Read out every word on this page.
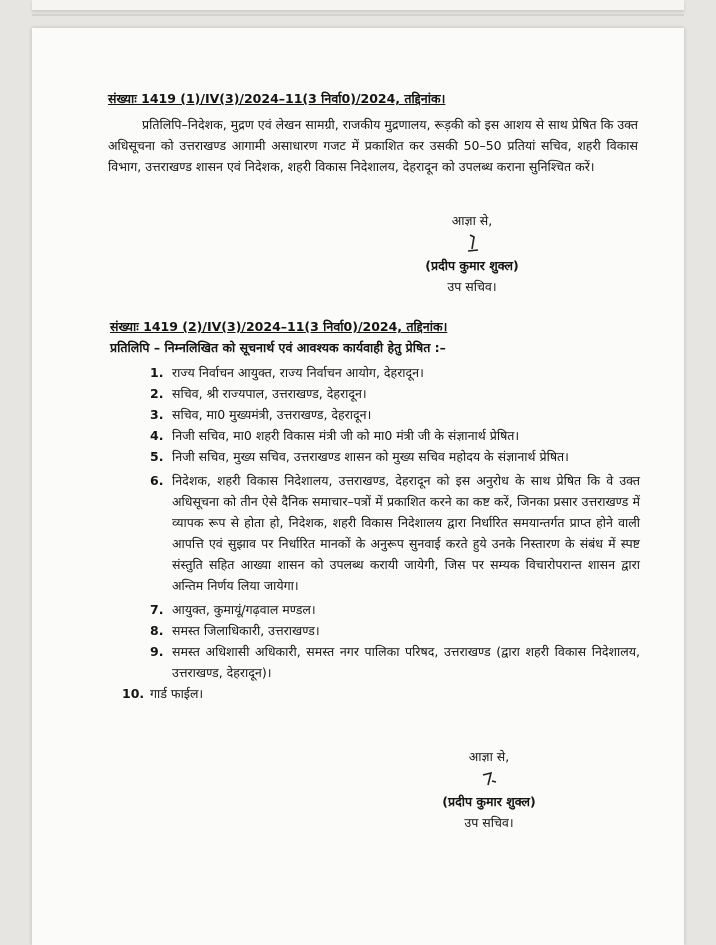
संख्याः 1419 (1)/IV(3)/2024–11(3 निर्वा0)/2024, तद्दिनांक।
प्रतिलिपि–निदेशक, मुद्रण एवं लेखन सामग्री, राजकीय मुद्रणालय, रूड़की को इस आशय से साथ प्रेषित कि उक्त अधिसूचना को उत्तराखण्ड आगामी असाधारण गजट में प्रकाशित कर उसकी 50–50 प्रतियां सचिव, शहरी विकास विभाग, उत्तराखण्ड शासन एवं निदेशक, शहरी विकास निदेशालय, देहरादून को उपलब्ध कराना सुनिश्चित करें।
आज्ञा से,
(प्रदीप कुमार शुक्ल)
उप सचिव।
संख्याः 1419 (2)/IV(3)/2024–11(3 निर्वा0)/2024, तद्दिनांक।
प्रतिलिपि – निम्नलिखित को सूचनार्थ एवं आवश्यक कार्यवाही हेतु प्रेषित :–
1. राज्य निर्वाचन आयुक्त, राज्य निर्वाचन आयोग, देहरादून।
2. सचिव, श्री राज्यपाल, उत्तराखण्ड, देहरादून।
3. सचिव, मा0 मुख्यमंत्री, उत्तराखण्ड, देहरादून।
4. निजी सचिव, मा0 शहरी विकास मंत्री जी को मा0 मंत्री जी के संज्ञानार्थ प्रेषित।
5. निजी सचिव, मुख्य सचिव, उत्तराखण्ड शासन को मुख्य सचिव महोदय के संज्ञानार्थ प्रेषित।
6. निदेशक, शहरी विकास निदेशालय, उत्तराखण्ड, देहरादून को इस अनुरोध के साथ प्रेषित कि वे उक्त अधिसूचना को तीन ऐसे दैनिक समाचार–पत्रों में प्रकाशित करने का कष्ट करें, जिनका प्रसार उत्तराखण्ड में व्यापक रूप से होता हो, निदेशक, शहरी विकास निदेशालय द्वारा निर्धारित समयान्तर्गत प्राप्त होने वाली आपत्ति एवं सुझाव पर निर्धारित मानकों के अनुरूप सुनवाई करते हुये उनके निस्तारण के संबंध में स्पष्ट संस्तुति सहित आख्या शासन को उपलब्ध करायी जायेगी, जिस पर सम्यक विचारोपरान्त शासन द्वारा अन्तिम निर्णय लिया जायेगा।
7. आयुक्त, कुमायूं/गढ़वाल मण्डल।
8. समस्त जिलाधिकारी, उत्तराखण्ड।
9. समस्त अधिशासी अधिकारी, समस्त नगर पालिका परिषद, उत्तराखण्ड (द्वारा शहरी विकास निदेशालय, उत्तराखण्ड, देहरादून)।
10. गार्ड फाईल।
आज्ञा से,
(प्रदीप कुमार शुक्ल)
उप सचिव।
